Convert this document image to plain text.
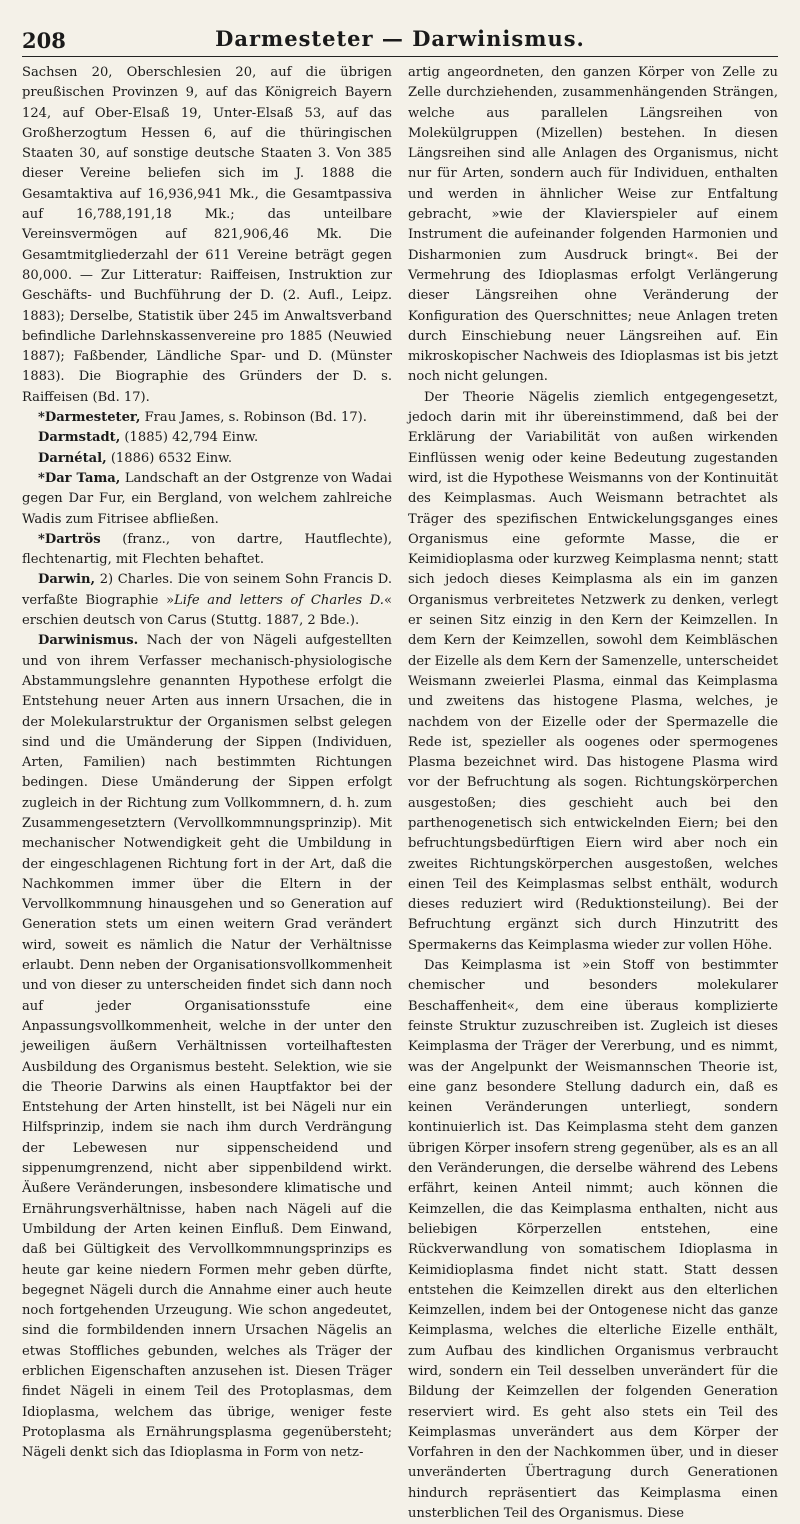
208	Darmesteter — Darwinismus.

Sachsen 20, Oberschlesien 20, auf die übrigen preußischen Provinzen 9, auf das Königreich Bayern 124, auf Ober-Elsaß 19, Unter-Elsaß 53, auf das Großherzogtum Hessen 6, auf die thüringischen Staaten 30, auf sonstige deutsche Staaten 3. Von 385 dieser Vereine beliefen sich im J. 1888 die Gesamtaktiva auf 16,936,941 Mk., die Gesamtpassiva auf 16,788,191,18 Mk.; das unteilbare Vereinsvermögen auf 821,906,46 Mk. Die Gesamtmitgliederzahl der 611 Vereine beträgt gegen 80,000. — Zur Litteratur: Raiffeisen, Instruktion zur Geschäfts- und Buchführung der D. (2. Aufl., Leipz. 1883); Derselbe, Statistik über 245 im Anwaltsverband befindliche Darlehnskassenvereine pro 1885 (Neuwied 1887); Faßbender, Ländliche Spar- und D. (Münster 1883). Die Biographie des Gründers der D. s. Raiffeisen (Bd. 17).

*Darmesteter, Frau James, s. Robinson (Bd. 17).

Darmstadt, (1885) 42,794 Einw.

Darnétal, (1886) 6532 Einw.

*Dar Tama, Landschaft an der Ostgrenze von Wadai gegen Dar Fur, ein Bergland, von welchem zahlreiche Wadis zum Fitrisee abfließen.

*Dartrös (franz., von dartre, Hautflechte), flechtenartig, mit Flechten behaftet.

Darwin, 2) Charles. Die von seinem Sohn Francis D. verfaßte Biographie »Life and letters of Charles D.« erschien deutsch von Carus (Stuttg. 1887, 2 Bde.).

Darwinismus. Nach der von Nägeli aufgestellten und von ihrem Verfasser mechanisch-physiologische Abstammungslehre genannten Hypothese erfolgt die Entstehung neuer Arten aus innern Ursachen, die in der Molekularstruktur der Organismen selbst gelegen sind und die Umänderung der Sippen (Individuen, Arten, Familien) nach bestimmten Richtungen bedingen. Diese Umänderung der Sippen erfolgt zugleich in der Richtung zum Vollkommnern, d. h. zum Zusammengesetztern (Vervollkommnungsprinzip). Mit mechanischer Notwendigkeit geht die Umbildung in der eingeschlagenen Richtung fort in der Art, daß die Nachkommen immer über die Eltern in der Vervollkommnung hinausgehen und so Generation auf Generation stets um einen weitern Grad verändert wird, soweit es nämlich die Natur der Verhältnisse erlaubt. Denn neben der Organisationsvollkommenheit und von dieser zu unterscheiden findet sich dann noch auf jeder Organisationsstufe eine Anpassungsvollkommenheit, welche in der unter den jeweiligen äußern Verhältnissen vorteilhaftesten Ausbildung des Organismus besteht. Selektion, wie sie die Theorie Darwins als einen Hauptfaktor bei der Entstehung der Arten hinstellt, ist bei Nägeli nur ein Hilfsprinzip, indem sie nach ihm durch Verdrängung der Lebewesen nur sippenscheidend und sippenumgrenzend, nicht aber sippenbildend wirkt. Äußere Veränderungen, insbesondere klimatische und Ernährungsverhältnisse, haben nach Nägeli auf die Umbildung der Arten keinen Einfluß. Dem Einwand, daß bei Gültigkeit des Vervollkommnungsprinzips es heute gar keine niedern Formen mehr geben dürfte, begegnet Nägeli durch die Annahme einer auch heute noch fortgehenden Urzeugung. Wie schon angedeutet, sind die formbildenden innern Ursachen Nägelis an etwas Stoffliches gebunden, welches als Träger der erblichen Eigenschaften anzusehen ist. Diesen Träger findet Nägeli in einem Teil des Protoplasmas, dem Idioplasma, welchem das übrige, weniger feste Protoplasma als Ernährungsplasma gegenübersteht; Nägeli denkt sich das Idioplasma in Form von netz-

artig angeordneten, den ganzen Körper von Zelle zu Zelle durchziehenden, zusammenhängenden Strängen, welche aus parallelen Längsreihen von Molekülgruppen (Mizellen) bestehen. In diesen Längsreihen sind alle Anlagen des Organismus, nicht nur für Arten, sondern auch für Individuen, enthalten und werden in ähnlicher Weise zur Entfaltung gebracht, »wie der Klavierspieler auf einem Instrument die aufeinander folgenden Harmonien und Disharmonien zum Ausdruck bringt«. Bei der Vermehrung des Idioplasmas erfolgt Verlängerung dieser Längsreihen ohne Veränderung der Konfiguration des Querschnittes; neue Anlagen treten durch Einschiebung neuer Längsreihen auf. Ein mikroskopischer Nachweis des Idioplasmas ist bis jetzt noch nicht gelungen.

Der Theorie Nägelis ziemlich entgegengesetzt, jedoch darin mit ihr übereinstimmend, daß bei der Erklärung der Variabilität von außen wirkenden Einflüssen wenig oder keine Bedeutung zugestanden wird, ist die Hypothese Weismanns von der Kontinuität des Keimplasmas. Auch Weismann betrachtet als Träger des spezifischen Entwickelungsganges eines Organismus eine geformte Masse, die er Keimidioplasma oder kurzweg Keimplasma nennt; statt sich jedoch dieses Keimplasma als ein im ganzen Organismus verbreitetes Netzwerk zu denken, verlegt er seinen Sitz einzig in den Kern der Keimzellen. In dem Kern der Keimzellen, sowohl dem Keimbläschen der Eizelle als dem Kern der Samenzelle, unterscheidet Weismann zweierlei Plasma, einmal das Keimplasma und zweitens das histogene Plasma, welches, je nachdem von der Eizelle oder der Spermazelle die Rede ist, spezieller als oogenes oder spermogenes Plasma bezeichnet wird. Das histogene Plasma wird vor der Befruchtung als sogen. Richtungskörperchen ausgestoßen; dies geschieht auch bei den parthenogenetisch sich entwickelnden Eiern; bei den befruchtungsbedürftigen Eiern wird aber noch ein zweites Richtungskörperchen ausgestoßen, welches einen Teil des Keimplasmas selbst enthält, wodurch dieses reduziert wird (Reduktionsteilung). Bei der Befruchtung ergänzt sich durch Hinzutritt des Spermakerns das Keimplasma wieder zur vollen Höhe.

Das Keimplasma ist »ein Stoff von bestimmter chemischer und besonders molekularer Beschaffenheit«, dem eine überaus komplizierte feinste Struktur zuzuschreiben ist. Zugleich ist dieses Keimplasma der Träger der Vererbung, und es nimmt, was der Angelpunkt der Weismannschen Theorie ist, eine ganz besondere Stellung dadurch ein, daß es keinen Veränderungen unterliegt, sondern kontinuierlich ist. Das Keimplasma steht dem ganzen übrigen Körper insofern streng gegenüber, als es an all den Veränderungen, die derselbe während des Lebens erfährt, keinen Anteil nimmt; auch können die Keimzellen, die das Keimplasma enthalten, nicht aus beliebigen Körperzellen entstehen, eine Rückverwandlung von somatischem Idioplasma in Keimidioplasma findet nicht statt. Statt dessen entstehen die Keimzellen direkt aus den elterlichen Keimzellen, indem bei der Ontogenese nicht das ganze Keimplasma, welches die elterliche Eizelle enthält, zum Aufbau des kindlichen Organismus verbraucht wird, sondern ein Teil desselben unverändert für die Bildung der Keimzellen der folgenden Generation reserviert wird. Es geht also stets ein Teil des Keimplasmas unverändert aus dem Körper der Vorfahren in den der Nachkommen über, und in dieser unveränderten Übertragung durch Generationen hindurch repräsentiert das Keimplasma einen unsterblichen Teil des Organismus. Diese
